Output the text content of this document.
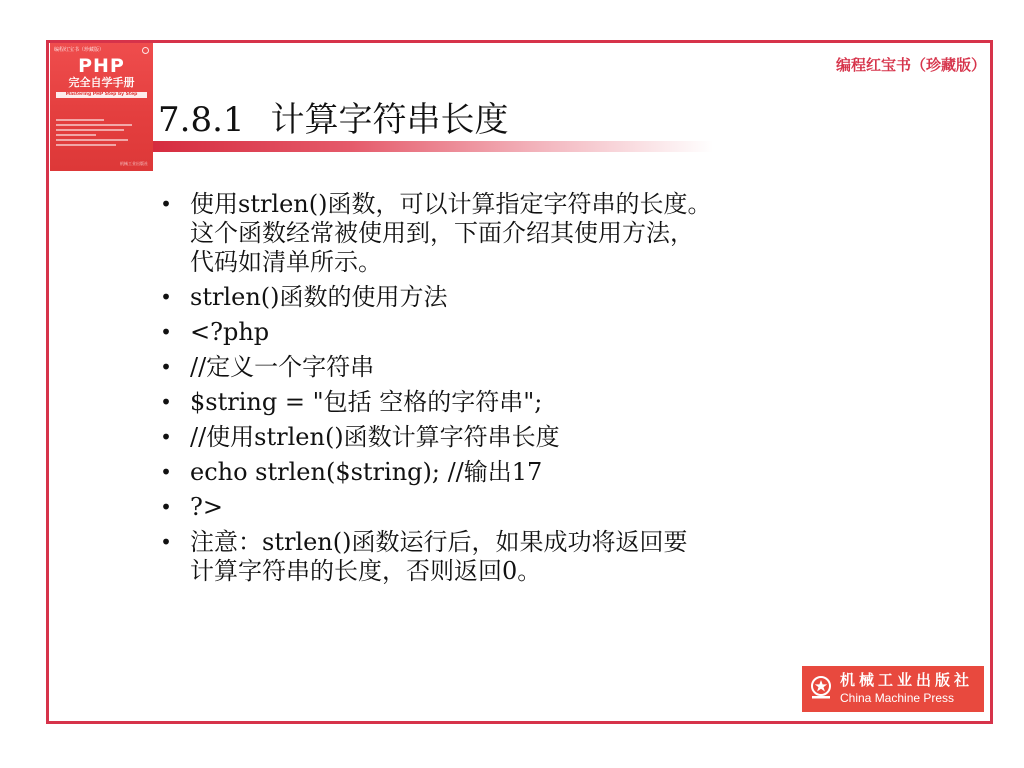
编程红宝书（珍藏版）
PHP
完全自学手册
Mastering PHP Step by Step
机械工业出版社
编程红宝书（珍藏版）
7.8.1 计算字符串长度
• 使用strlen()函数，可以计算指定字符串的长度。
这个函数经常被使用到，下面介绍其使用方法，
代码如清单所示。
• strlen()函数的使用方法
• <?php
• //定义一个字符串
• $string = "包括 空格的字符串";
• //使用strlen()函数计算字符串长度
• echo strlen($string); //输出17
• ?>
• 注意：strlen()函数运行后，如果成功将返回要
计算字符串的长度，否则返回0。
机械工业出版社
China Machine Press
